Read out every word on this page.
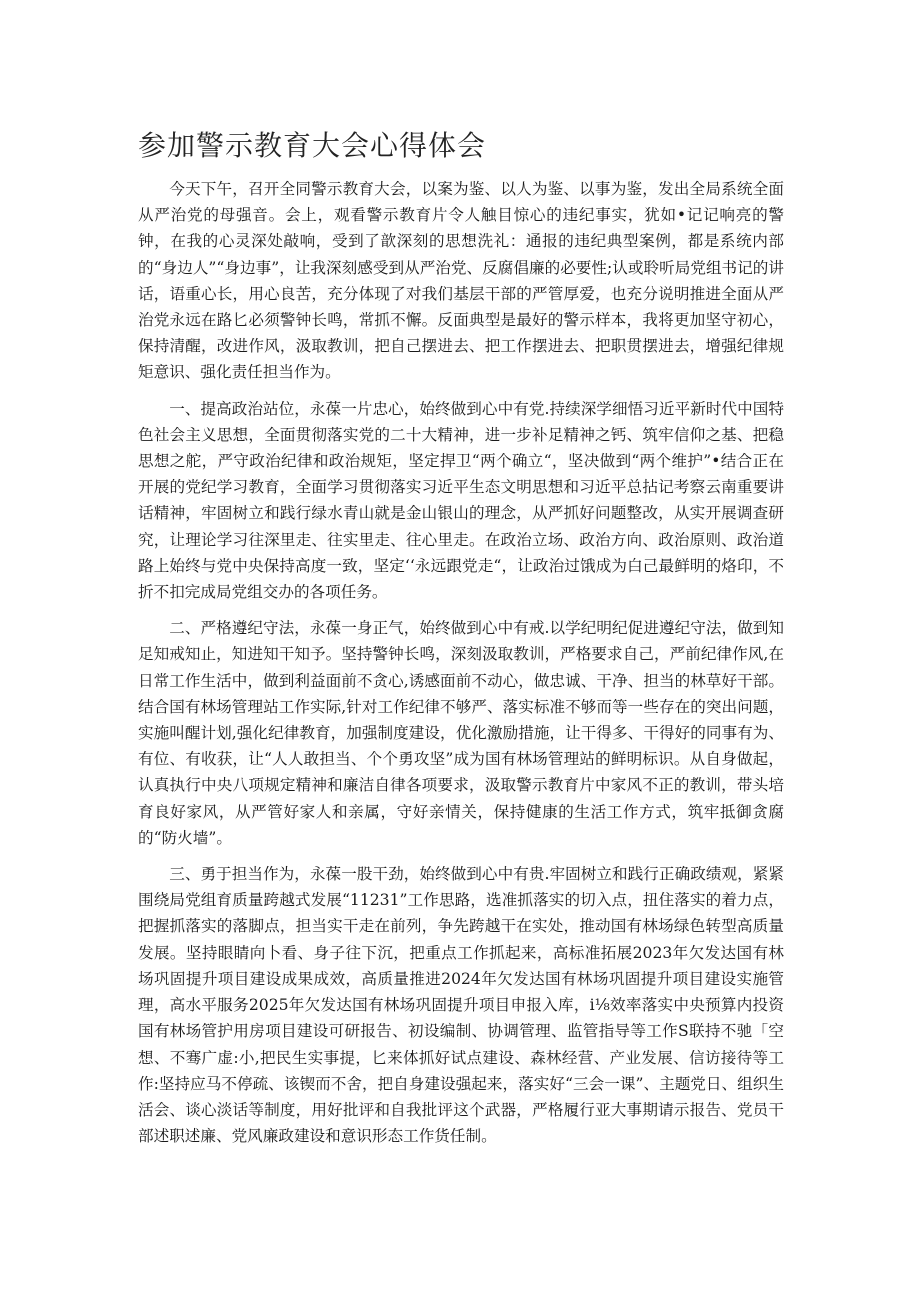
参加警示教育大会心得体会

今天下午，召开全同警示教育大会，以案为鉴、以人为鉴、以事为鉴，发出全局系统全面从严治党的母强音。会上，观看警示教育片令人触目惊心的违纪事实，犹如•记记响亮的警钟，在我的心灵深处敲响，受到了歆深刻的思想洗礼：通报的违纪典型案例，都是系统内部的“身边人”“身边事”，让我深刻感受到从严治党、反腐倡廉的必要性;认或聆听局党组书记的讲话，语重心长，用心良苦，充分体现了对我们基层干部的严管厚爱，也充分说明推进全面从严治党永远在路匕必须警钟长鸣，常抓不懈。反面典型是最好的警示样本，我将更加坚守初心，保持清醒，改进作风，汲取教训，把自己摆进去、把工作摆进去、把职贯摆进去，增强纪律规矩意识、强化责任担当作为。

一、提高政治站位，永葆一片忠心，始终做到心中有党.持续深学细悟习近平新时代中国特色社会主义思想，全面贯彻落实党的二十大精神，进一步补足精神之钙、筑牢信仰之基、把稳思想之舵，严守政治纪律和政治规矩，坚定捍卫“两个确立“，坚决做到“两个维护”•结合正在开展的党纪学习教育，全面学习贯彻落实习近平生态文明思想和习近平总拈记考察云南重要讲话精神，牢固树立和践行绿水青山就是金山银山的理念，从严抓好问题整改，从实开展调查研究，让理论学习往深里走、往实里走、往心里走。在政治立场、政治方向、政治原则、政治道路上始终与党中央保持高度一致，坚定‘‘永远跟党走“，让政治过饿成为白己最鲜明的烙印，不折不扣完成局党组交办的各项任务。

二、严格遵纪守法，永葆一身正气，始终做到心中有戒.以学纪明纪促进遵纪守法，做到知足知戒知止，知进知干知予。坚持警钟长鸣，深刻汲取教训，严格要求自己，严前纪律作风,在日常工作生活中，做到利益面前不贪心,诱感面前不动心，做忠诚、干净、担当的林草好干部。结合国有林场管理站工作实际,针对工作纪律不够严、落实标准不够而等一些存在的突出问题，实施叫醒计划,强化纪律教育，加强制度建设，优化激励措施，让干得多、干得好的同事有为、有位、有收获，让“人人敢担当、个个勇攻坚”成为国有林场管理站的鲜明标识。从自身做起，认真执行中央八项规定精神和廉洁自律各项要求，汲取警示教育片中家风不正的教训，带头培育良好家风，从严管好家人和亲属，守好亲情关，保持健康的生活工作方式，筑牢抵御贪腐的“防火墙”。

三、勇于担当作为，永葆一股干劲，始终做到心中有贵.牢固树立和践行正确政绩观，紧紧围绕局党组育质量跨越式发展“11231”工作思路，选准抓落实的切入点，扭住落实的着力点，把握抓落实的落脚点，担当实干走在前列，争先跨越干在实处，推动国有林场绿色转型高质量发展。坚持眼睛向卜看、身子往下沉，把重点工作抓起来，高标准拓展2023年欠发达国有林场巩固提升项目建设成果成效，高质量推进2024年欠发达国有林场巩固提升项目建设实施管理，高水平服务2025年欠发达国有林场巩固提升项目申报入库，i⅛效率落实中央预算内投资国有林场管护用房项目建设可研报告、初设编制、协调管理、监管指导等工作S联持不驰「空想、不骞广虚:小,把民生实事提，匕来体抓好试点建设、森林经营、产业发展、信访接待等工作:坚持应马不停疏、该锲而不舍，把自身建设强起来，落实好“三会一课”、主题党日、组织生活会、谈心淡话等制度，用好批评和自我批评这个武器，严格履行亚大事期请示报告、党员干部述职述廉、党风廉政建设和意识形态工作货任制。
